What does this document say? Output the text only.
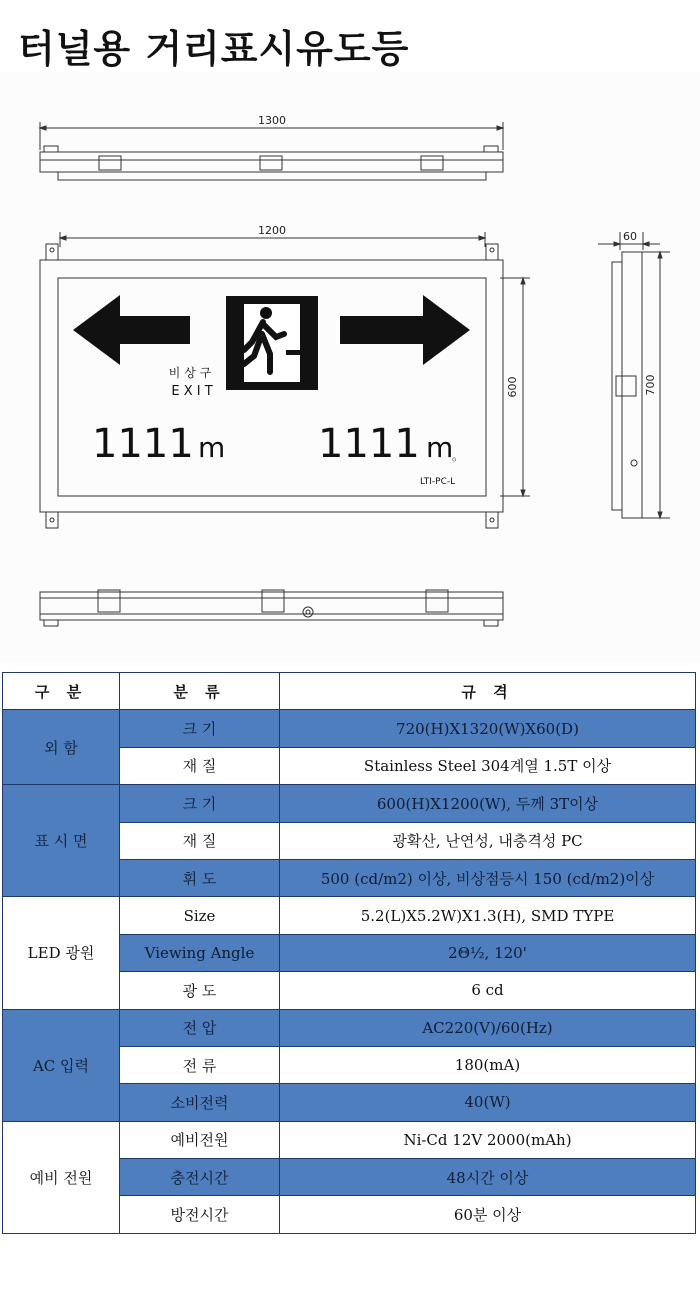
터널용 거리표시유도등
1300
1200	60
600	700
비 상 구
E X I T
1111 m 1111 m
。
LTI-PC-L
구 분	분 류	규 격
외 함	크 기	720(H)X1320(W)X60(D)
	재 질	Stainless Steel 304계열 1.5T 이상
표 시 면	크 기	600(H)X1200(W), 두께 3T이상
	재 질	광확산, 난연성, 내충격성 PC
	휘 도	500 (cd/m2) 이상, 비상점등시 150 (cd/m2)이상
LED 광원	Size	5.2(L)X5.2W)X1.3(H), SMD TYPE
	Viewing Angle	2Θ½, 120'
	광 도	6 cd
AC 입력	전 압	AC220(V)/60(Hz)
	전 류	180(mA)
	소비전력	40(W)
예비 전원	예비전원	Ni-Cd 12V 2000(mAh)
	충전시간	48시간 이상
	방전시간	60분 이상
